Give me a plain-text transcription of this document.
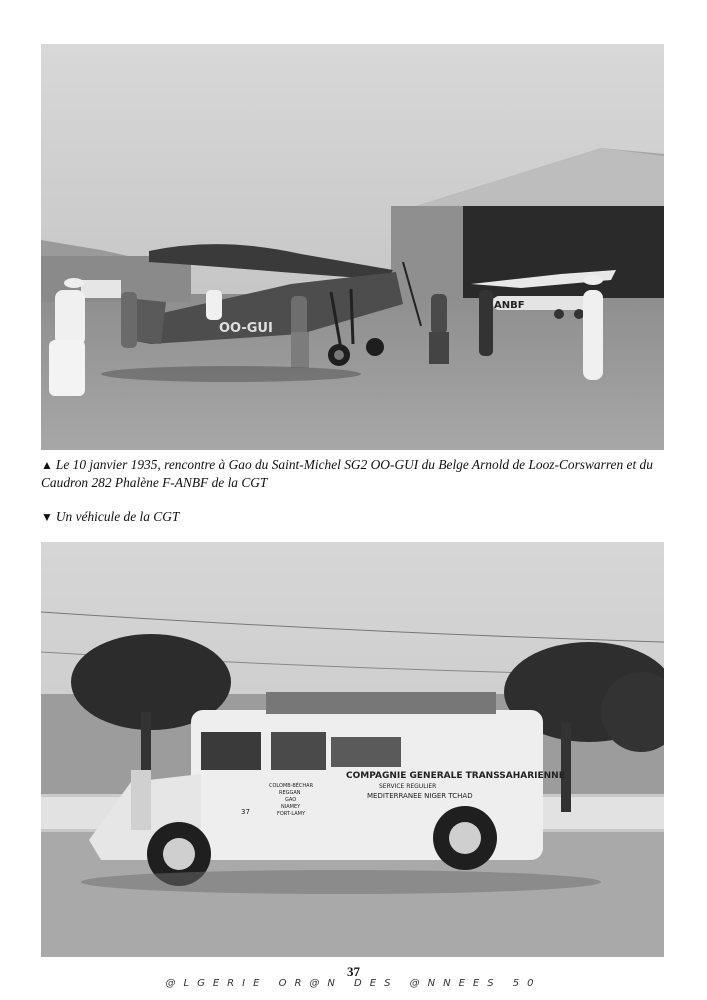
ANBF
OO-GUI
▲ Le 10 janvier 1935, rencontre à Gao du Saint-Michel SG2 OO-GUI du Belge Arnold de Looz-Corswarren et du Caudron 282 Phalène F-ANBF de la CGT
▼ Un véhicule de la CGT
COMPAGNIE GENERALE TRANSSAHARIENNE
SERVICE REGULIER
MEDITERRANEE NIGER TCHAD
COLOMB-BÉCHAR
REGGAN
GAO
NIAMEY
FORT-LAMY
37
37
@LGERIE OR@N DES @NNEES 50
